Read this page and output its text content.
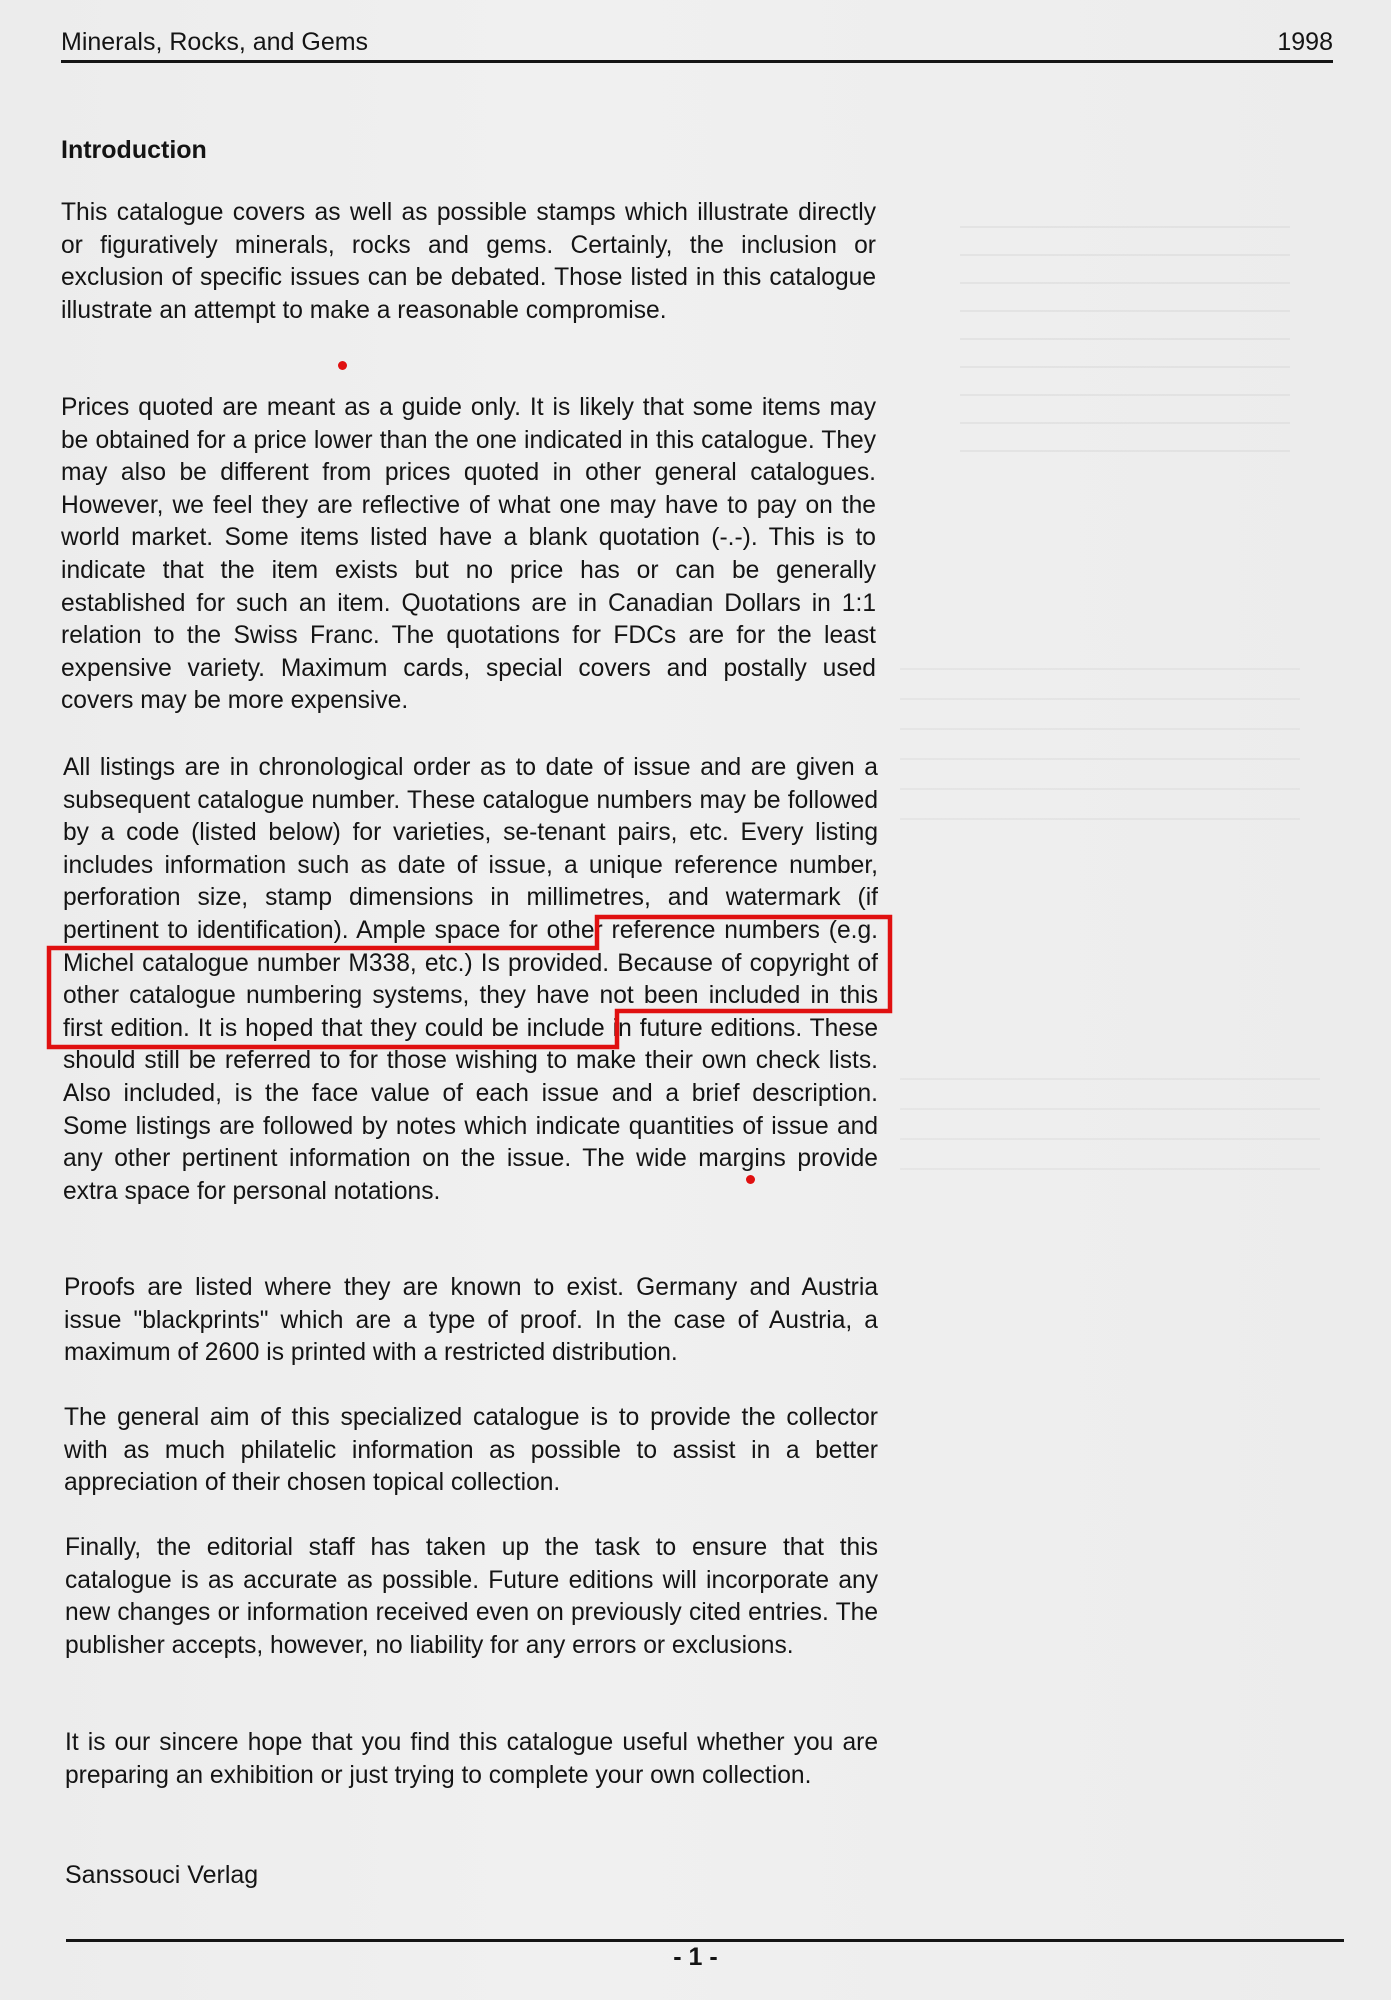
Minerals, Rocks, and Gems	1998
Introduction

This catalogue covers as well as possible stamps which illustrate directly or figuratively minerals, rocks and gems. Certainly, the inclusion or exclusion of specific issues can be debated. Those listed in this catalogue illustrate an attempt to make a reasonable compromise.

Prices quoted are meant as a guide only. It is likely that some items may be obtained for a price lower than the one indicated in this catalogue. They may also be different from prices quoted in other general catalogues. However, we feel they are reflective of what one may have to pay on the world market. Some items listed have a blank quotation (-.-). This is to indicate that the item exists but no price has or can be generally established for such an item. Quotations are in Canadian Dollars in 1:1 relation to the Swiss Franc. The quotations for FDCs are for the least expensive variety. Maximum cards, special covers and postally used covers may be more expensive.

All listings are in chronological order as to date of issue and are given a subsequent catalogue number. These catalogue numbers may be followed by a code (listed below) for varieties, se-tenant pairs, etc. Every listing includes information such as date of issue, a unique reference number, perforation size, stamp dimensions in millimetres, and watermark (if pertinent to identification). Ample space for other reference numbers (e.g. Michel catalogue number M338, etc.) Is provided. Because of copyright of other catalogue numbering systems, they have not been included in this first edition. It is hoped that they could be include in future editions. These should still be referred to for those wishing to make their own check lists. Also included, is the face value of each issue and a brief description. Some listings are followed by notes which indicate quantities of issue and any other pertinent information on the issue. The wide margins provide extra space for personal notations.

Proofs are listed where they are known to exist. Germany and Austria issue "blackprints" which are a type of proof. In the case of Austria, a maximum of 2600 is printed with a restricted distribution.

The general aim of this specialized catalogue is to provide the collector with as much philatelic information as possible to assist in a better appreciation of their chosen topical collection.

Finally, the editorial staff has taken up the task to ensure that this catalogue is as accurate as possible. Future editions will incorporate any new changes or information received even on previously cited entries. The publisher accepts, however, no liability for any errors or exclusions.

It is our sincere hope that you find this catalogue useful whether you are preparing an exhibition or just trying to complete your own collection.

Sanssouci Verlag
- 1 -
